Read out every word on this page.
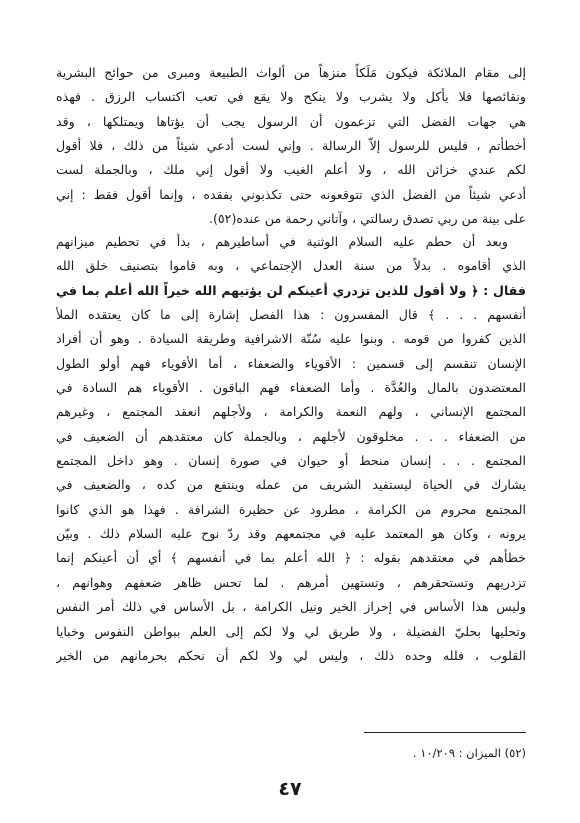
إلى مقام الملائكة فيكون مَلَكاً منزهاً من ألواث الطبيعة ومبرى من حوائج البشرية
ونقائصها فلا يأكل ولا يشرب ولا ينكح ولا يقع في تعب اكتساب الرزق . فهذه
هي جهات الفضل التي تزعمون أن الرسول يجب أن يؤتاها ويمتلكها ، وقد
أخطأتم ، فليس للرسول إلاّ الرسالة . وإني لست أدعي شيئاً من ذلك ، فلا أقول
لكم عندي خزائن الله ، ولا أعلم الغيب ولا أقول إني ملك ، وبالجملة لست
أدعي شيئاً من الفضل الذي تتوقعونه حتى تكذبوني بفقده ، وإنما أقول فقط : إني
على بينة من ربي تصدق رسالتي ، وآتاني رحمة من عنده(٥٢).
وبعد أن حطم عليه السلام الوثنية في أساطيرهم ، بدأ في تحطيم ميزانهم
الذي أقاموه . بدلاً من سنة العدل الإجتماعي ، وبه قاموا بتصنيف خلق الله
فقال : ﴿ ولا أقول للذين تزدري أعينكم لن يؤتيهم الله خيراً الله أعلم بما في
أنفسهم . . . ﴾ قال المفسرون : هذا الفصل إشارة إلى ما كان يعتقده الملأ
الذين كفروا من قومه . وبنوا عليه سُنّة الاشرافية وطريقة السيادة . وهو أن أفراد
الإنسان تنقسم إلى قسمين : الأقوياء والضعفاء ، أما الأقوياء فهم أولو الطول
المعتضدون بالمال والعُدَّة . وأما الضعفاء فهم الباقون . الأقوياء هم السادة في
المجتمع الإنساني ، ولهم النعمة والكرامة ، ولأجلهم انعقد المجتمع ، وغيرهم
من الضعفاء . . . مخلوقون لأجلهم ، وبالجملة كان معتقدهم أن الضعيف في
المجتمع . . . إنسان منحط أو حيوان في صورة إنسان . وهو داخل المجتمع
يشارك في الحياة ليستفيد الشريف من عمله وينتفع من كده ، والضعيف في
المجتمع محروم من الكرامة ، مطرود عن حظيرة الشرافة . فهذا هو الذي كانوا
يرونه ، وكان هو المعتمد عليه في مجتمعهم وقد ردّ نوح عليه السلام ذلك . وبيّن
خطأهم في معتقدهم بقوله : ﴿ الله أعلم بما في أنفسهم ﴾ أي أن أعينكم إنما
تزدريهم وتستحقرهم ، وتستهين أمرهم . لما تحس ظاهر ضعفهم وهوانهم ،
وليس هذا الأساس في إحراز الخير ونيل الكرامة ، بل الأساس في ذلك أمر النفس
وتحليها بحليّ الفضيلة ، ولا طريق لي ولا لكم إلى العلم ببواطن النفوس وخبايا
القلوب ، فلله وحده ذلك ، وليس لي ولا لكم أن نحكم بحرمانهم من الخير
(٥٢) الميزان : ١٠/٢٠٩ .
٤٧
